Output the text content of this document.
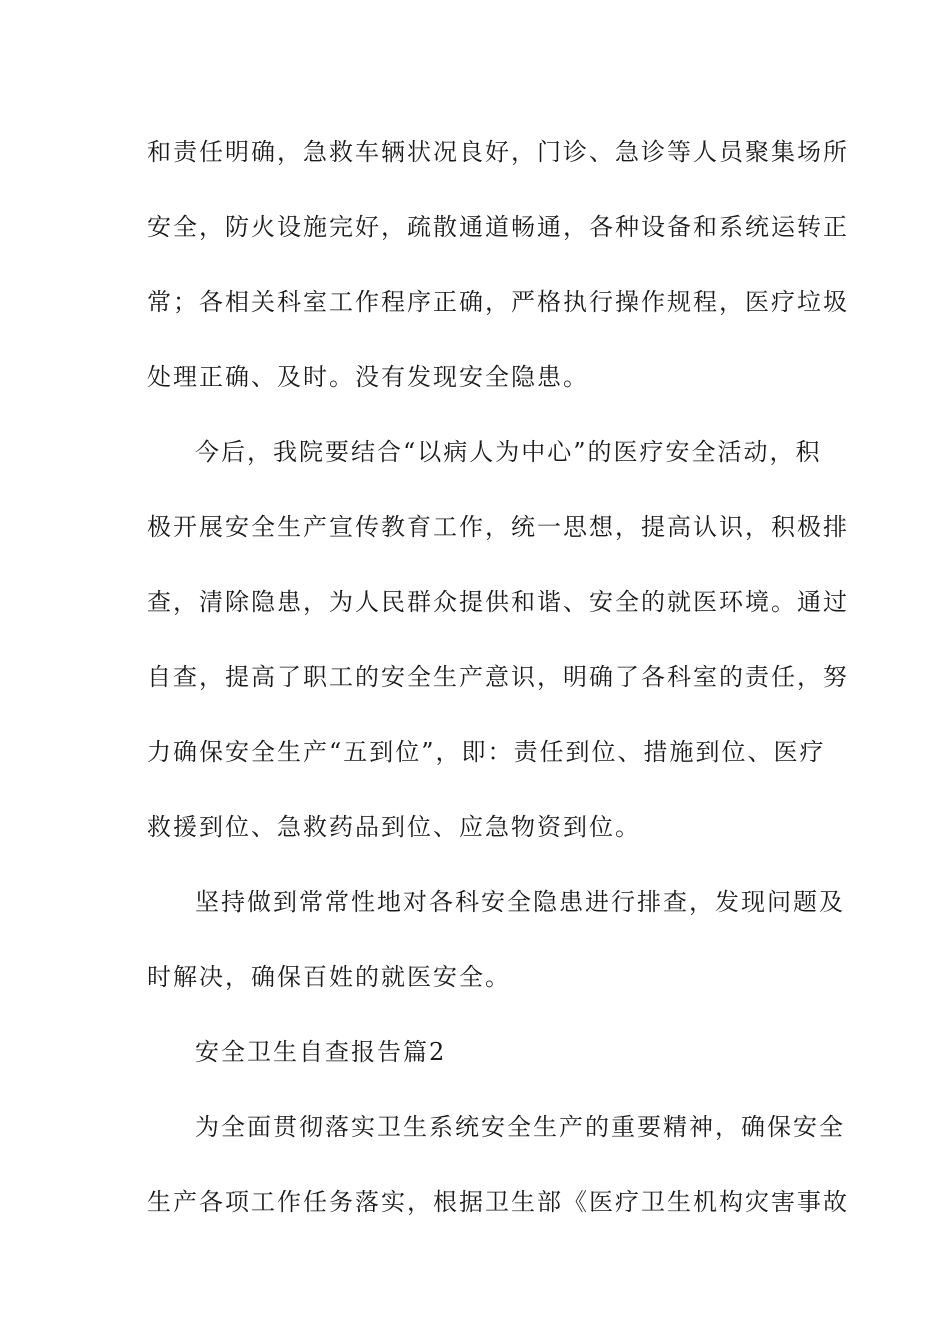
和责任明确，急救车辆状况良好，门诊、急诊等人员聚集场所
安全，防火设施完好，疏散通道畅通，各种设备和系统运转正
常；各相关科室工作程序正确，严格执行操作规程，医疗垃圾
处理正确、及时。没有发现安全隐患。
今后，我院要结合“以病人为中心”的医疗安全活动，积
极开展安全生产宣传教育工作，统一思想，提高认识，积极排
查，清除隐患，为人民群众提供和谐、安全的就医环境。通过
自查，提高了职工的安全生产意识，明确了各科室的责任，努
力确保安全生产“五到位”，即：责任到位、措施到位、医疗
救援到位、急救药品到位、应急物资到位。
坚持做到常常性地对各科安全隐患进行排查，发现问题及
时解决，确保百姓的就医安全。
安全卫生自查报告篇2
为全面贯彻落实卫生系统安全生产的重要精神，确保安全
生产各项工作任务落实，根据卫生部《医疗卫生机构灾害事故
